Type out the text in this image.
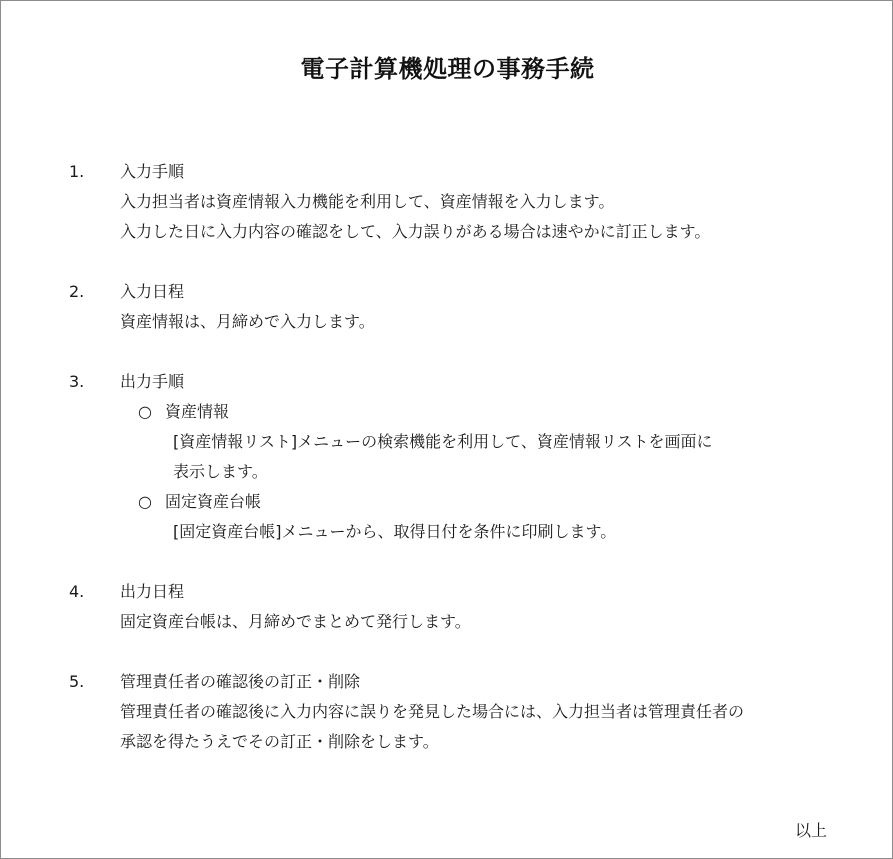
電子計算機処理の事務手続
1. 入力手順
入力担当者は資産情報入力機能を利用して、資産情報を入力します。
入力した日に入力内容の確認をして、入力誤りがある場合は速やかに訂正します。
2. 入力日程
資産情報は、月締めで入力します。
3. 出力手順
○ 資産情報
[資産情報リスト]メニューの検索機能を利用して、資産情報リストを画面に
表示します。
○ 固定資産台帳
[固定資産台帳]メニューから、取得日付を条件に印刷します。
4. 出力日程
固定資産台帳は、月締めでまとめて発行します。
5. 管理責任者の確認後の訂正・削除
管理責任者の確認後に入力内容に誤りを発見した場合には、入力担当者は管理責任者の
承認を得たうえでその訂正・削除をします。
以上
